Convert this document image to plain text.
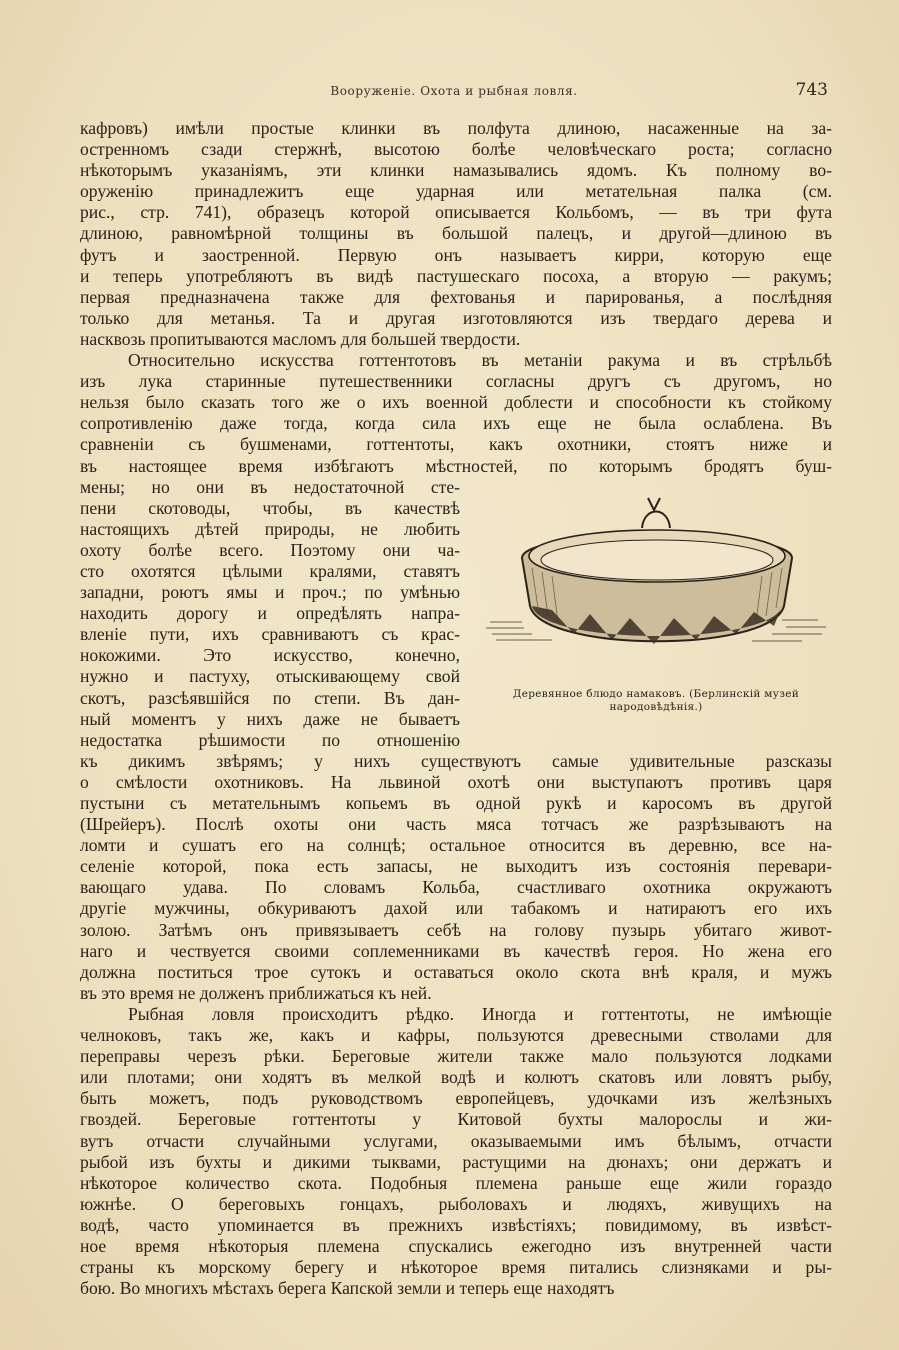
Вооруженіе. Охота и рыбная ловля.	743
кафровъ) имѣли простые клинки въ полфута длиною, насаженные на за-
остренномъ сзади стержнѣ, высотою болѣе человѣческаго роста; согласно
нѣкоторымъ указаніямъ, эти клинки намазывались ядомъ. Къ полному во-
оруженію принадлежитъ еще ударная или метательная палка (см.
рис., стр. 741), образецъ которой описывается Кольбомъ, — въ три фута
длиною, равномѣрной толщины въ большой палецъ, и другой—длиною въ
футъ и заостренной. Первую онъ называетъ кирри, которую еще
и теперь употребляютъ въ видѣ пастушескаго посоха, а вторую — ракумъ;
первая предназначена также для фехтованья и парированья, а послѣдняя
только для метанья. Та и другая изготовляются изъ твердаго дерева и
насквозь пропитываются масломъ для большей твердости.
Относительно искусства готтентотовъ въ метаніи ракума и въ стрѣльбѣ
изъ лука старинные путешественники согласны другъ съ другомъ, но
нельзя было сказать того же о ихъ военной доблести и способности къ стойкому
сопротивленію даже тогда, когда сила ихъ еще не была ослаблена. Въ
сравненіи съ бушменами, готтентоты, какъ охотники, стоятъ ниже и
въ настоящее время избѣгаютъ мѣстностей, по которымъ бродятъ буш-
мены; но они въ недостаточной сте-
пени скотоводы, чтобы, въ качествѣ
настоящихъ дѣтей природы, не любить
охоту болѣе всего. Поэтому они ча-
сто охотятся цѣлыми кралями, ставятъ
западни, роютъ ямы и проч.; по умѣнью
находить дорогу и опредѣлять напра-
вленіе пути, ихъ сравниваютъ съ крас-
нокожими. Это искусство, конечно,
нужно и пастуху, отыскивающему свой
скотъ, разсѣявшійся по степи. Въ дан-
ный моментъ у нихъ даже не бываетъ
недостатка рѣшимости по отношенію
къ дикимъ звѣрямъ; у нихъ существуютъ самые удивительные разсказы
о смѣлости охотниковъ. На львиной охотѣ они выступаютъ противъ царя
пустыни съ метательнымъ копьемъ въ одной рукѣ и каросомъ въ другой
(Шрейеръ). Послѣ охоты они часть мяса тотчасъ же разрѣзываютъ на
ломти и сушатъ его на солнцѣ; остальное относится въ деревню, все на-
селеніе которой, пока есть запасы, не выходитъ изъ состоянія перевари-
вающаго удава. По словамъ Кольба, счастливаго охотника окружаютъ
другіе мужчины, обкуриваютъ дахой или табакомъ и натираютъ его ихъ
золою. Затѣмъ онъ привязываетъ себѣ на голову пузырь убитаго живот-
наго и чествуется своими соплеменниками въ качествѣ героя. Но жена его
должна поститься трое сутокъ и оставаться около скота внѣ краля, и мужъ
въ это время не долженъ приближаться къ ней.
Рыбная ловля происходитъ рѣдко. Иногда и готтентоты, не имѣющіе
челноковъ, такъ же, какъ и кафры, пользуются древесными стволами для
переправы черезъ рѣки. Береговые жители также мало пользуются лодками
или плотами; они ходятъ въ мелкой водѣ и колютъ скатовъ или ловятъ рыбу,
быть можетъ, подъ руководствомъ европейцевъ, удочками изъ желѣзныхъ
гвоздей. Береговые готтентоты у Китовой бухты малорослы и жи-
вутъ отчасти случайными услугами, оказываемыми имъ бѣлымъ, отчасти
рыбой изъ бухты и дикими тыквами, растущими на дюнахъ; они держатъ и
нѣкоторое количество скота. Подобныя племена раньше еще жили гораздо
южнѣе. О береговыхъ гонцахъ, рыболовахъ и людяхъ, живущихъ на
водѣ, часто упоминается въ прежнихъ извѣстіяхъ; повидимому, въ извѣст-
ное время нѣкоторыя племена спускались ежегодно изъ внутренней части
страны къ морскому берегу и нѣкоторое время питались слизняками и ры-
бою. Во многихъ мѣстахъ берега Капской земли и теперь еще находятъ
Деревянное блюдо намаковъ. (Берлинскій музей народовѣдѣнія.)
